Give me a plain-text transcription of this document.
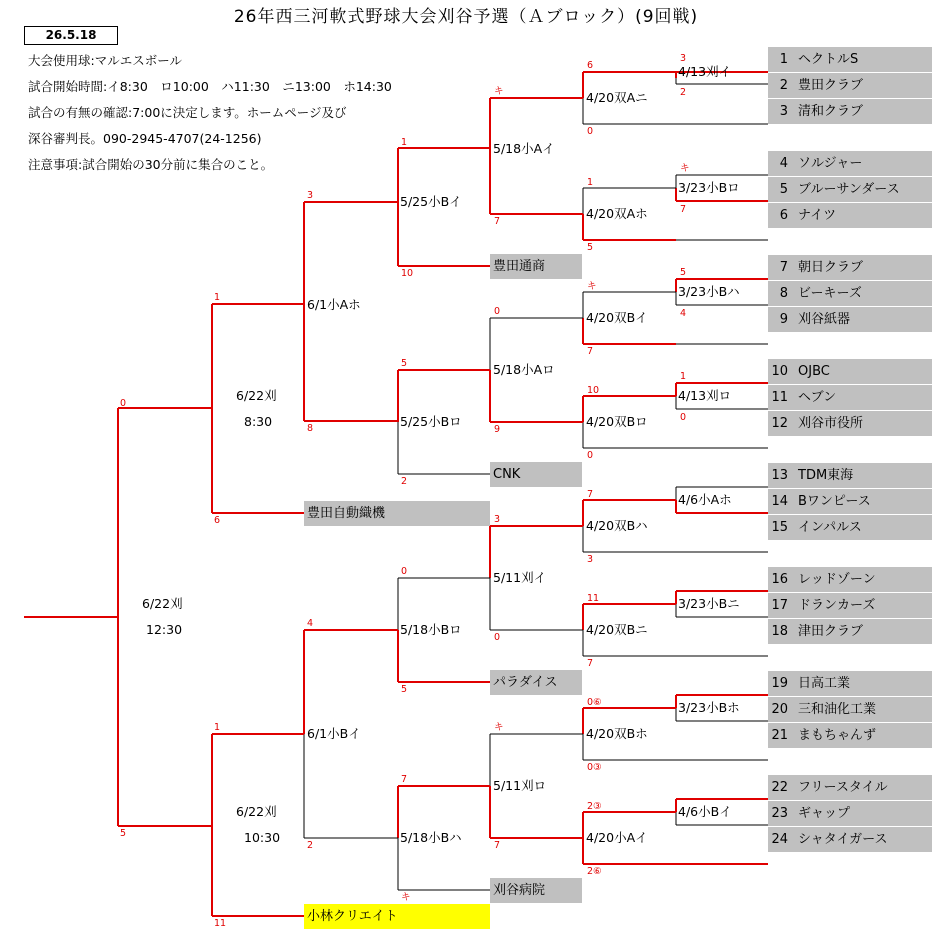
26年西三河軟式野球大会刈谷予選（Ａブロック）(9回戦)
26.5.18
大会使用球:マルエスボール
試合開始時間:イ8:30　ロ10:00　ハ11:30　ニ13:00　ホ14:30
試合の有無の確認:7:00に決定します。ホームページ及び
深谷審判長。090-2945-4707(24-1256)
注意事項:試合開始の30分前に集合のこと。
1 ヘクトルS
2 豊田クラブ
3 清和クラブ
4 ソルジャー
5 ブルーサンダース
6 ナイツ
7 朝日クラブ
8 ビーキーズ
9 刈谷紙器
10 OJBC
11 ヘブン
12 刈谷市役所
13 TDM東海
14 Bワンピース
15 インパルス
16 レッドゾーン
17 ドランカーズ
18 津田クラブ
19 日高工業
20 三和油化工業
21 まもちゃんず
22 フリースタイル
23 ギャップ
24 シャタイガース
豊田通商
CNK
豊田自動織機
パラダイス
刈谷病院
小林クリエイト
4/13刈イ
3/23小Bロ
3/23小Bハ
4/13刈ロ
4/6小Aホ
3/23小Bニ
3/23小Bホ
4/6小Bイ
4/20双Aニ
4/20双Aホ
4/20双Bイ
4/20双Bロ
4/20双Bハ
4/20双Bニ
4/20双Bホ
4/20小Aイ
5/18小Aイ
5/18小Aロ
5/11刈イ
5/11刈ロ
5/25小Bイ
5/25小Bロ
5/18小Bロ
5/18小Bハ
6/1小Aホ
6/1小Bイ
6/22刈
8:30
6/22刈
10:30
6/22刈
12:30
3
2
キ
7
5
4
1
0
6
0
1
5
キ
7
10
0
7
3
11
7
0⑥
0③
2③
2⑥
キ
7
0
9
3
0
キ
7
1
10
5
2
0
5
7
キ
3
8
4
2
1
6
1
11
0
5
